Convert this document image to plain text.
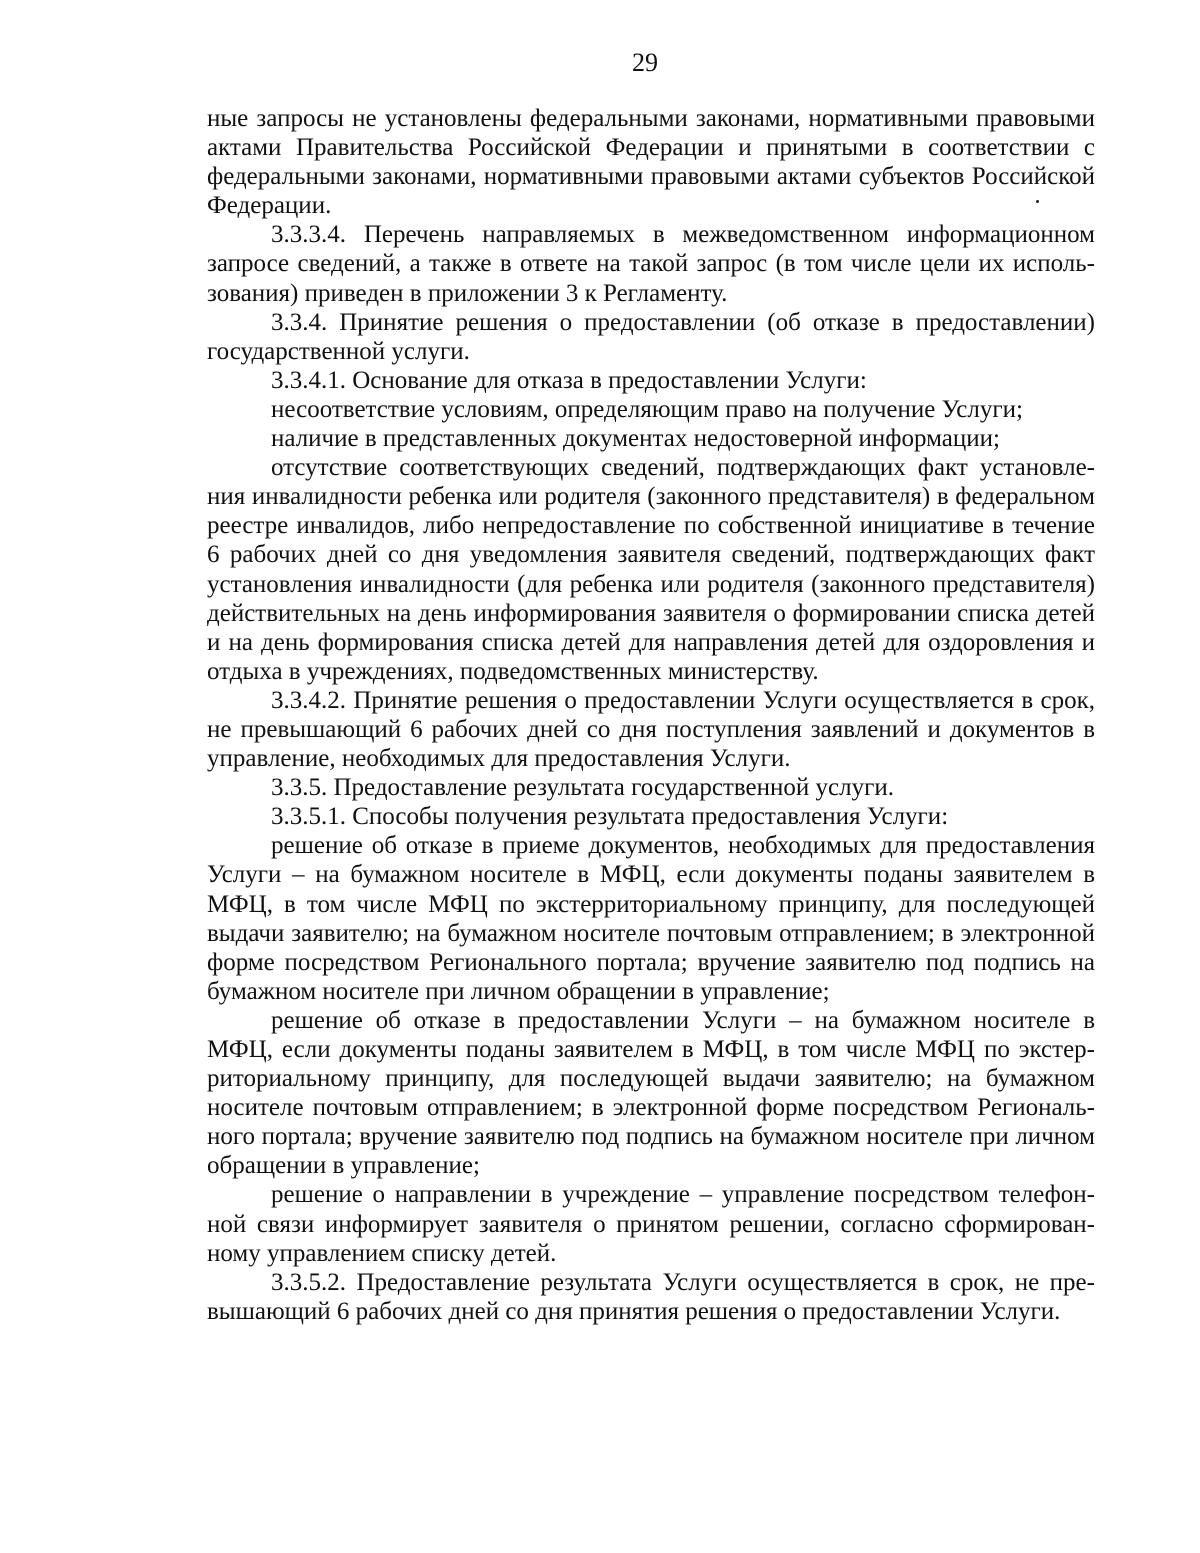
29

ные запросы не установлены федеральными законами, нормативными правовыми актами Правительства Российской Федерации и принятыми в соответствии с федеральными законами, нормативными правовыми актами субъектов Российской Федерации.

3.3.3.4. Перечень направляемых в межведомственном информационном запросе сведений, а также в ответе на такой запрос (в том числе цели их использования) приведен в приложении 3 к Регламенту.

3.3.4. Принятие решения о предоставлении (об отказе в предоставлении) государственной услуги.

3.3.4.1. Основание для отказа в предоставлении Услуги:

несоответствие условиям, определяющим право на получение Услуги;

наличие в представленных документах недостоверной информации;

отсутствие соответствующих сведений, подтверждающих факт установления инвалидности ребенка или родителя (законного представителя) в федеральном реестре инвалидов, либо непредоставление по собственной инициативе в течение 6 рабочих дней со дня уведомления заявителя сведений, подтверждающих факт установления инвалидности (для ребенка или родителя (законного представителя) действительных на день информирования заявителя о формировании списка детей и на день формирования списка детей для направления детей для оздоровления и отдыха в учреждениях, подведомственных министерству.

3.3.4.2. Принятие решения о предоставлении Услуги осуществляется в срок, не превышающий 6 рабочих дней со дня поступления заявлений и документов в управление, необходимых для предоставления Услуги.

3.3.5. Предоставление результата государственной услуги.

3.3.5.1. Способы получения результата предоставления Услуги:

решение об отказе в приеме документов, необходимых для предоставления Услуги – на бумажном носителе в МФЦ, если документы поданы заявителем в МФЦ, в том числе МФЦ по экстерриториальному принципу, для последующей выдачи заявителю; на бумажном носителе почтовым отправлением; в электронной форме посредством Регионального портала; вручение заявителю под подпись на бумажном носителе при личном обращении в управление;

решение об отказе в предоставлении Услуги – на бумажном носителе в МФЦ, если документы поданы заявителем в МФЦ, в том числе МФЦ по экстерриториальному принципу, для последующей выдачи заявителю; на бумажном носителе почтовым отправлением; в электронной форме посредством Регионального портала; вручение заявителю под подпись на бумажном носителе при личном обращении в управление;

решение о направлении в учреждение – управление посредством телефонной связи информирует заявителя о принятом решении, согласно сформированному управлением списку детей.

3.3.5.2. Предоставление результата Услуги осуществляется в срок, не превышающий 6 рабочих дней со дня принятия решения о предоставлении Услуги.
